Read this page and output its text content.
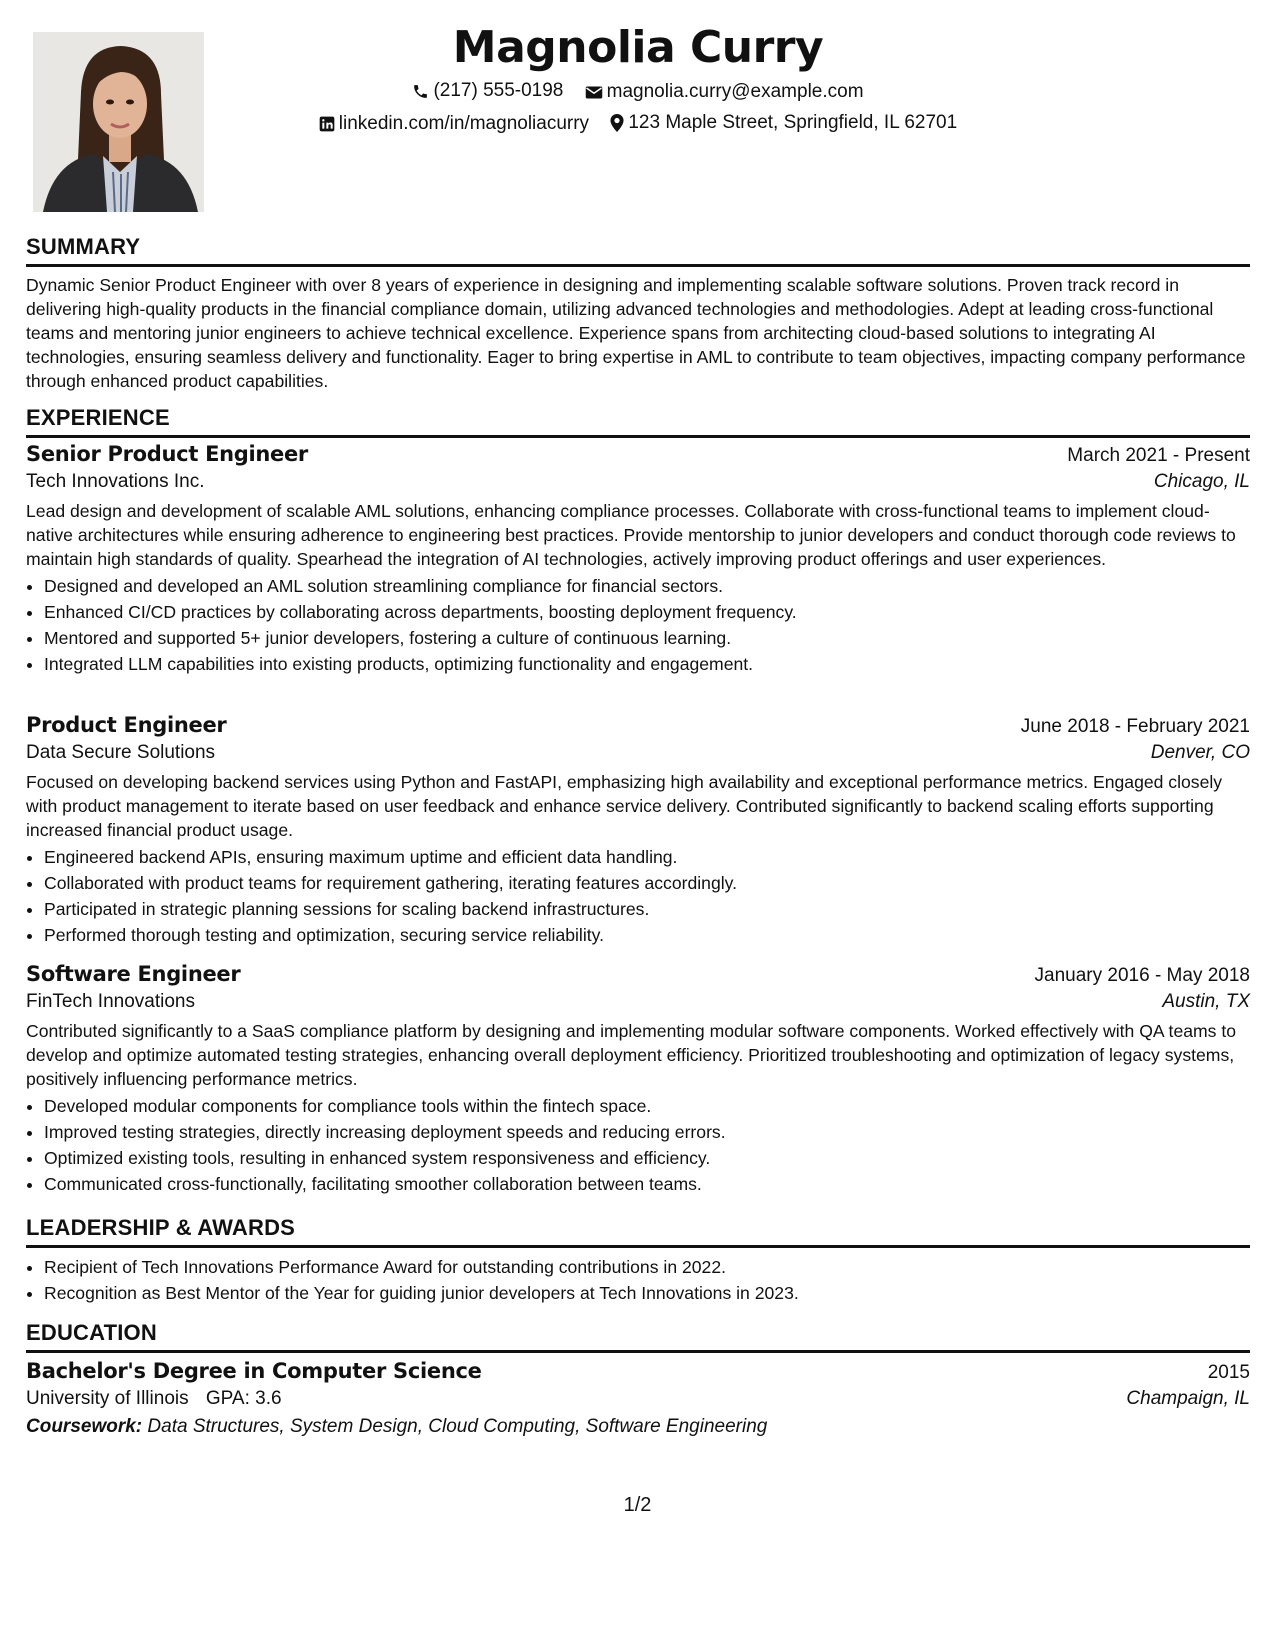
Magnolia Curry
(217) 555-0198
magnolia.curry@example.com
linkedin.com/in/magnoliacurry
123 Maple Street, Springfield, IL 62701
SUMMARY

Dynamic Senior Product Engineer with over 8 years of experience in designing and implementing scalable software solutions. Proven track record in delivering high-quality products in the financial compliance domain, utilizing advanced technologies and methodologies. Adept at leading cross-functional teams and mentoring junior engineers to achieve technical excellence. Experience spans from architecting cloud-based solutions to integrating AI technologies, ensuring seamless delivery and functionality. Eager to bring expertise in AML to contribute to team objectives, impacting company performance through enhanced product capabilities.

EXPERIENCE
Senior Product Engineer	March 2021 - Present
Tech Innovations Inc.	Chicago, IL

Lead design and development of scalable AML solutions, enhancing compliance processes. Collaborate with cross-functional teams to implement cloud-native architectures while ensuring adherence to engineering best practices. Provide mentorship to junior developers and conduct thorough code reviews to maintain high standards of quality. Spearhead the integration of AI technologies, actively improving product offerings and user experiences.

• Designed and developed an AML solution streamlining compliance for financial sectors.
• Enhanced CI/CD practices by collaborating across departments, boosting deployment frequency.
• Mentored and supported 5+ junior developers, fostering a culture of continuous learning.
• Integrated LLM capabilities into existing products, optimizing functionality and engagement.
Product Engineer	June 2018 - February 2021
Data Secure Solutions	Denver, CO

Focused on developing backend services using Python and FastAPI, emphasizing high availability and exceptional performance metrics. Engaged closely with product management to iterate based on user feedback and enhance service delivery. Contributed significantly to backend scaling efforts supporting increased financial product usage.

• Engineered backend APIs, ensuring maximum uptime and efficient data handling.
• Collaborated with product teams for requirement gathering, iterating features accordingly.
• Participated in strategic planning sessions for scaling backend infrastructures.
• Performed thorough testing and optimization, securing service reliability.
Software Engineer	January 2016 - May 2018
FinTech Innovations	Austin, TX

Contributed significantly to a SaaS compliance platform by designing and implementing modular software components. Worked effectively with QA teams to develop and optimize automated testing strategies, enhancing overall deployment efficiency. Prioritized troubleshooting and optimization of legacy systems, positively influencing performance metrics.

• Developed modular components for compliance tools within the fintech space.
• Improved testing strategies, directly increasing deployment speeds and reducing errors.
• Optimized existing tools, resulting in enhanced system responsiveness and efficiency.
• Communicated cross-functionally, facilitating smoother collaboration between teams.
LEADERSHIP & AWARDS
• Recipient of Tech Innovations Performance Award for outstanding contributions in 2022.
• Recognition as Best Mentor of the Year for guiding junior developers at Tech Innovations in 2023.
EDUCATION
Bachelor's Degree in Computer Science	2015
University of Illinois GPA: 3.6	Champaign, IL
Coursework: Data Structures, System Design, Cloud Computing, Software Engineering
1/2
